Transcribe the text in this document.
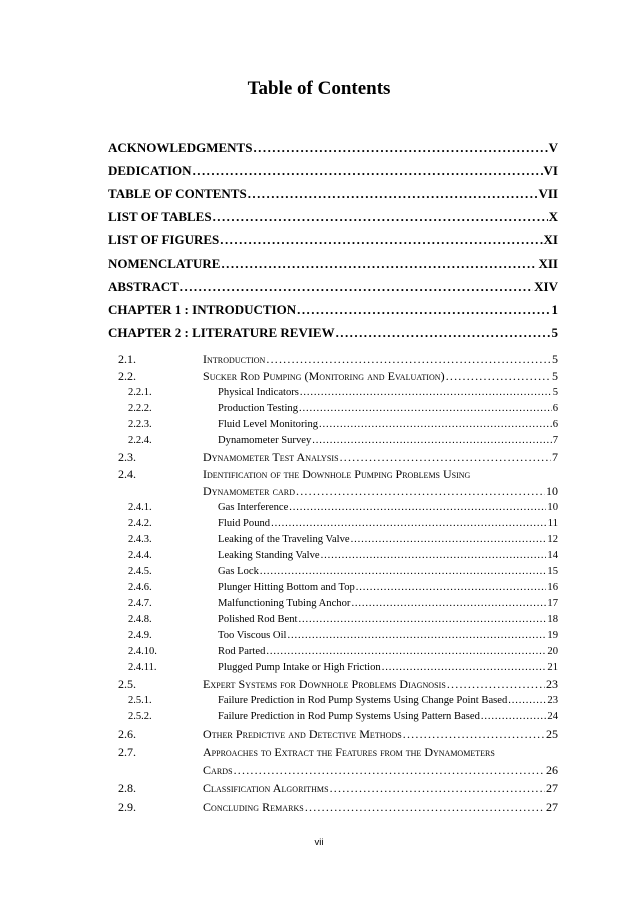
Table of Contents
ACKNOWLEDGMENTS . . .	V
DEDICATION . . .	VI
TABLE OF CONTENTS . . .	VII
LIST OF TABLES . . .	X
LIST OF FIGURES . . .	XI
NOMENCLATURE . . .	XII
ABSTRACT . . .	XIV
CHAPTER 1 : INTRODUCTION . . .	1
CHAPTER 2 : LITERATURE REVIEW . . .	5
2.1.	Introduction . . .	5
2.2.	Sucker Rod Pumping (Monitoring and Evaluation) . . .	5
2.2.1.	Physical Indicators . . .	5
2.2.2.	Production Testing . . .	6
2.2.3.	Fluid Level Monitoring . . .	6
2.2.4.	Dynamometer Survey . . .	7
2.3.	Dynamometer Test Analysis . . .	7
2.4.	Identification of the Downhole Pumping Problems Using
Dynamometer card . . .	10
2.4.1.	Gas Interference . . .	10
2.4.2.	Fluid Pound . . .	11
2.4.3.	Leaking of the Traveling Valve . . .	12
2.4.4.	Leaking Standing Valve . . .	14
2.4.5.	Gas Lock . . .	15
2.4.6.	Plunger Hitting Bottom and Top . . .	16
2.4.7.	Malfunctioning Tubing Anchor . . .	17
2.4.8.	Polished Rod Bent . . .	18
2.4.9.	Too Viscous Oil . . .	19
2.4.10.	Rod Parted . . .	20
2.4.11.	Plugged Pump Intake or High Friction . . .	21
2.5.	Expert Systems for Downhole Problems Diagnosis . . .	23
2.5.1.	Failure Prediction in Rod Pump Systems Using Change Point Based . . .	23
2.5.2.	Failure Prediction in Rod Pump Systems Using Pattern Based . . .	24
2.6.	Other Predictive and Detective Methods . . .	25
2.7.	Approaches to Extract the Features from the Dynamometers
Cards . . .	26
2.8.	Classification Algorithms . . .	27
2.9.	Concluding Remarks . . .	27
vii
